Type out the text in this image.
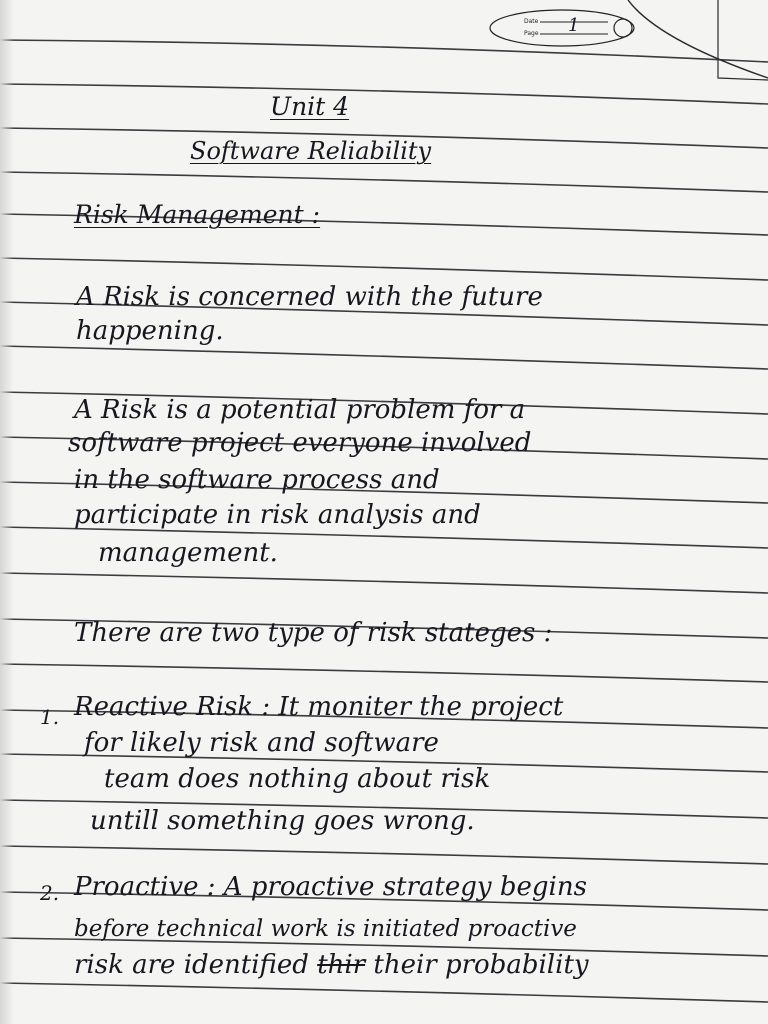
Date
Page 1
Unit 4
Software Reliability
Risk Management :
A Risk is concerned with the future
happening.
A Risk is a potential problem for a
software project everyone involved
in the software process and
participate in risk analysis and
management.
There are two type of risk stateges :
1. Reactive Risk : It moniter the project
for likely risk and software
team does nothing about risk
untill something goes wrong.
2. Proactive : A proactive strategy begins
before technical work is initiated proactive
risk are identified thir their probability
